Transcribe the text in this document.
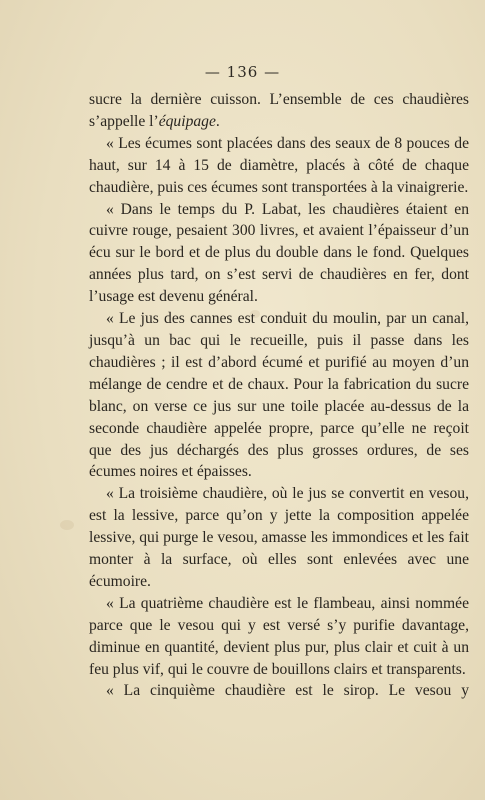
— 136 —

sucre la dernière cuisson. L’ensemble de ces chaudières s’appelle l’équipage.

« Les écumes sont placées dans des seaux de 8 pouces de haut, sur 14 à 15 de diamètre, placés à côté de chaque chaudière, puis ces écumes sont transportées à la vinaigrerie.

« Dans le temps du P. Labat, les chaudières étaient en cuivre rouge, pesaient 300 livres, et avaient l’épaisseur d’un écu sur le bord et de plus du double dans le fond. Quelques années plus tard, on s’est servi de chaudières en fer, dont l’usage est devenu général.

« Le jus des cannes est conduit du moulin, par un canal, jusqu’à un bac qui le recueille, puis il passe dans les chaudières ; il est d’abord écumé et purifié au moyen d’un mélange de cendre et de chaux. Pour la fabrication du sucre blanc, on verse ce jus sur une toile placée au-dessus de la seconde chaudière appelée propre, parce qu’elle ne reçoit que des jus déchargés des plus grosses ordures, de ses écumes noires et épaisses.

« La troisième chaudière, où le jus se convertit en vesou, est la lessive, parce qu’on y jette la composition appelée lessive, qui purge le vesou, amasse les immondices et les fait monter à la surface, où elles sont enlevées avec une écumoire.

« La quatrième chaudière est le flambeau, ainsi nommée parce que le vesou qui y est versé s’y purifie davantage, diminue en quantité, devient plus pur, plus clair et cuit à un feu plus vif, qui le couvre de bouillons clairs et transparents.

« La cinquième chaudière est le sirop. Le vesou y
